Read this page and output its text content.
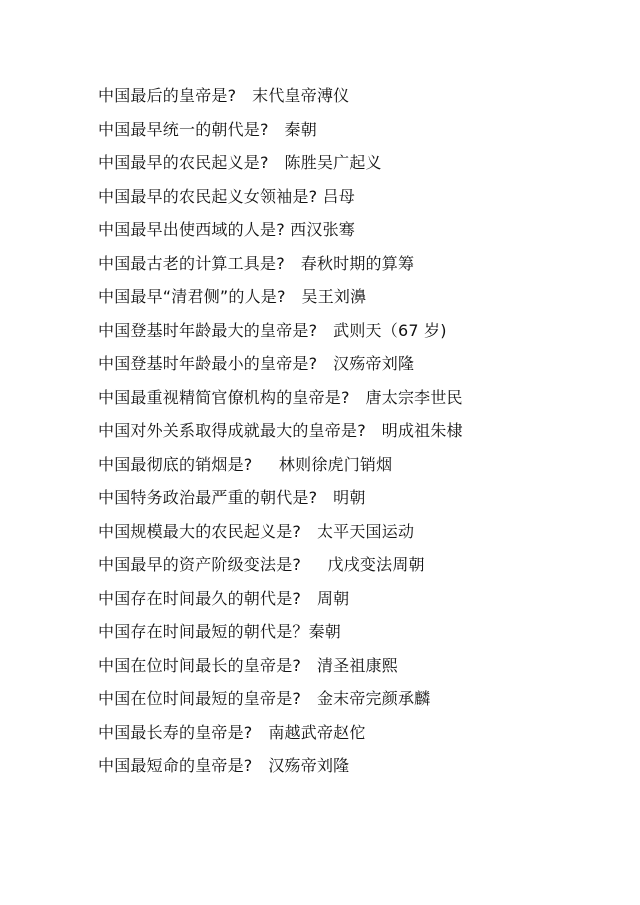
中国最后的皇帝是?   末代皇帝溥仪
中国最早统一的朝代是?   秦朝
中国最早的农民起义是?   陈胜吴广起义
中国最早的农民起义女领袖是? 吕母
中国最早出使西域的人是? 西汉张骞
中国最古老的计算工具是?   春秋时期的算筹
中国最早“清君侧”的人是?   吴王刘濞
中国登基时年龄最大的皇帝是?   武则天（67 岁)
中国登基时年龄最小的皇帝是?   汉殇帝刘隆
中国最重视精简官僚机构的皇帝是?   唐太宗李世民
中国对外关系取得成就最大的皇帝是?   明成祖朱棣
中国最彻底的销烟是?     林则徐虎门销烟
中国特务政治最严重的朝代是?   明朝
中国规模最大的农民起义是?   太平天国运动
中国最早的资产阶级变法是?     戊戌变法周朝
中国存在时间最久的朝代是?   周朝
中国存在时间最短的朝代是？秦朝
中国在位时间最长的皇帝是?   清圣祖康熙
中国在位时间最短的皇帝是?   金末帝完颜承麟
中国最长寿的皇帝是?   南越武帝赵佗
中国最短命的皇帝是?   汉殇帝刘隆
